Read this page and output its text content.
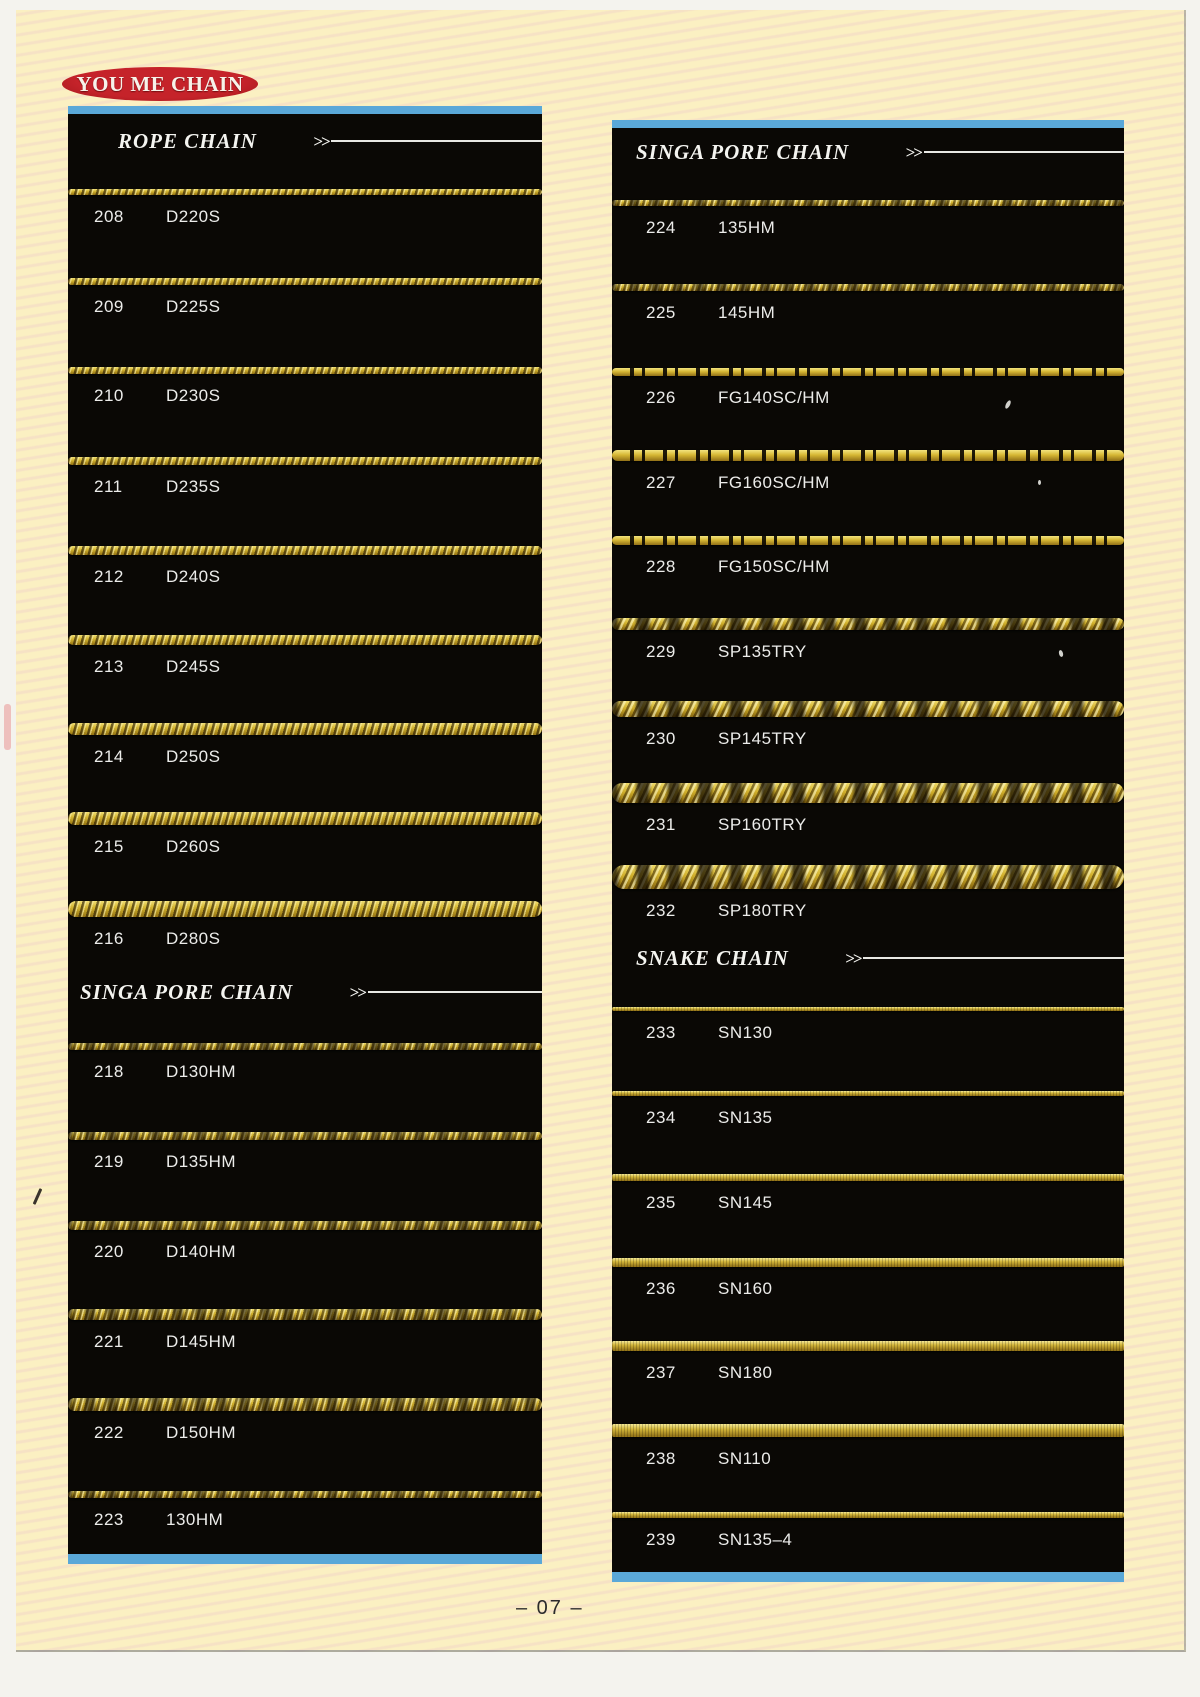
YOU ME CHAIN
ROPE CHAIN	>>
208	D220S
209	D225S
210	D230S
211	D235S
212	D240S
213	D245S
214	D250S
215	D260S
216	D280S
SINGA PORE CHAIN	>>
218	D130HM
219	D135HM
220	D140HM
221	D145HM
222	D150HM
223	130HM
SINGA PORE CHAIN	>>
224	135HM
225	145HM
226	FG140SC/HM
227	FG160SC/HM
228	FG150SC/HM
229	SP135TRY
230	SP145TRY
231	SP160TRY
232	SP180TRY
SNAKE CHAIN	>>
233	SN130
234	SN135
235	SN145
236	SN160
237	SN180
238	SN110
239	SN135–4
– 07 –
